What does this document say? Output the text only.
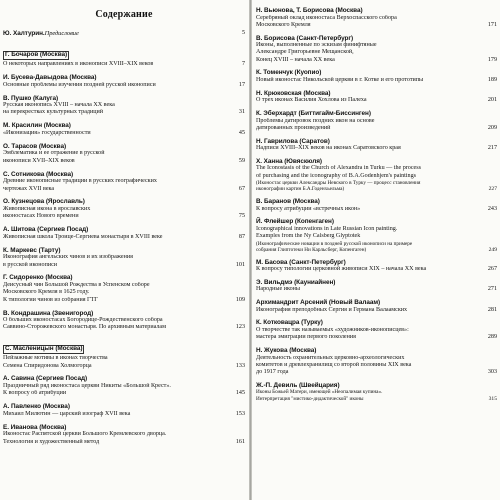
Содержание
Ю. Халтурин. Предисловие	5
Г. Бочаров (Москва)
О некоторых направлениях в иконописи XVIII–XIX веков	7
И. Бусева-Давыдова (Москва)
Основные проблемы изучения поздней русской иконописи	17
В. Пушко (Калуга)
Русская иконопись XVIII – начала XX века
на перекрестках культурных традиций	31
М. Красилин (Москва)
«Иконизация» государственности	45
О. Тарасов (Москва)
Эмблематика и ее отражение в русской
иконописи XVII–XIX веков	59
С. Сотникова (Москва)
Древние иконописные традиции в русских географических
чертежах XVII века	67
О. Кузнецова (Ярославль)
Живописная икона в ярославских
иконостасах Нового времени	75
А. Шитова (Сергиев Посад)
Живописная школа Троице-Сергиева монастыря в XVIII веке	87
К. Маркевс (Тарту)
Иконография ангельских чинов и их изображения
в русской иконописи	101
Г. Сидоренко (Москва)
Деисусный чин Большой Рождества в Успенском соборе
Московского Кремля в 1625 году.
К типологии чинов из собрания ГТГ	109
В. Кондрашина (Звенигород)
О больших иконостасах Богородице-Рождественского собора
Саввино-Сторожевского монастыря. По архивным материалам	123
С. Масленицын (Москва)
Пейзажные мотивы в иконах творчества
Семена Спиридонова Холмогорца	133
А. Савина (Сергиев Посад)
Праздничный ряд иконостаса церкви Никиты «Большой Крест».
К вопросу об атрибуции	145
А. Павленко (Москва)
Михаил Милютин — царский изограф XVII века	153
Е. Иванова (Москва)
Иконостас Распятской церкви Большого Кремлевского дворца.
Технология и художественный метод	161
Н. Вьюнова, Т. Борисова (Москва)
Серебряный оклад иконостаса Верхоспасского собора
Московского Кремля	171
В. Борисова (Санкт-Петербург)
Иконы, выполненные по эскизам финифтяные
Александре Григорьевне Мещанской,
Конец XVIII – начала XX века	179
К. Томенчук (Куопио)
Новый иконостас Никольской церкви в г. Котке и его прототипы	189
Н. Крюковская (Москва)
О трех иконах Василия Хохлова из Палеха	201
К. Эберхардт (Биттигайм-Биссинген)
Проблемы датировок поздних икон на основе
датированных произведений	209
Н. Гаврилова (Саратов)
Надписи XVIII–XIX веков на иконах Саратовского края	217
Х. Ханна (Ювяскюля)
The Iconostasis of the Church of Alexandra in Turku — the process
of purchasing and the iconography of B.A.Godenhjem's paintings
(Иконостас церкви Александры Невского в Турку — процесс становления
иконографии картин Б.А.Годенхьельма)	227
В. Баранов (Москва)
К вопросу атрибуции «встречных икон»	243
Й. Флейшер (Копенгаген)
Iconographical innovations in Late Russian Icon painting.
Examples from the Ny Calsberg Glyptotek
(Иконографические новации в поздней русской иконописи на примере
собрания Глиптотеки Ни Карльсберг, Копенгаген)	249
М. Басова (Санкт-Петербург)
К вопросу типологии церковной живописи XIX – начала XX века	267
Э. Вильдмэ (Кауниайнен)
Народные иконы	271
Архимандрит Арсений (Новый Валаам)
Иконография преподобных Сергия и Германа Валаамских	281
К. Котковацра (Турку)
О творчестве так называемых «художников-иконописцев»:
мастера эмиграции первого поколения	289
Н. Жукова (Москва)
Деятельность охранительных церковно-археологических
комитетов и древлехранилищ со второй половины XIX века
до 1917 года	303
Ж.-П. Девиль (Швейцария)
Иконы Божьей Матери, имеющей «Неопалимая купина».
Интерпретация "мистико-дидактической" иконы	315
